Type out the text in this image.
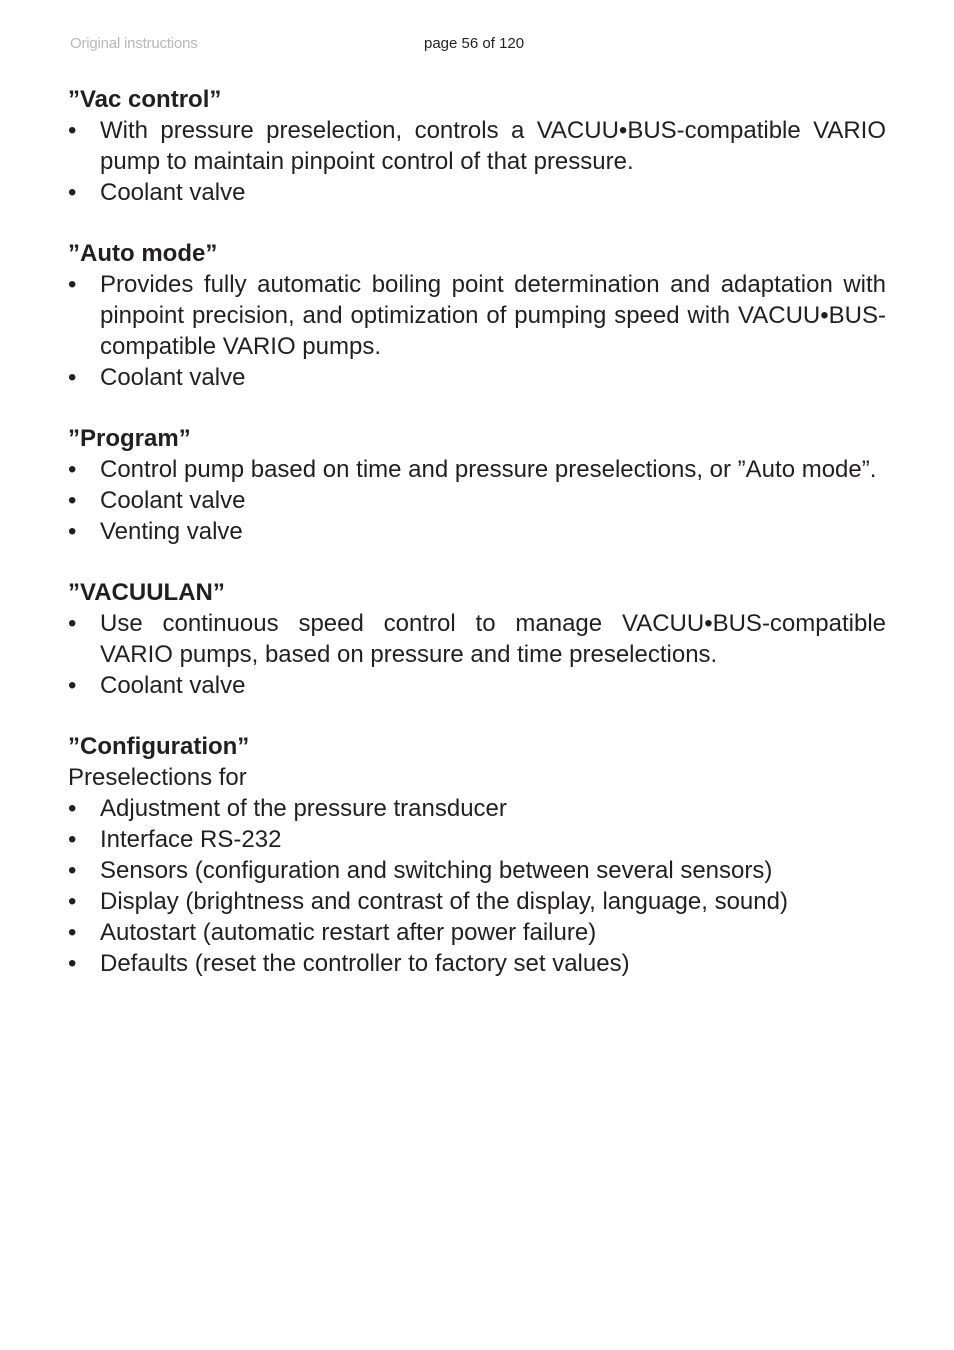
Original instructions	page 56 of 120

”Vac control”

• With pressure preselection, controls a VACUU•BUS-compatible VARIO pump to maintain pinpoint control of that pressure.
• Coolant valve

”Auto mode”

• Provides fully automatic boiling point determination and adaptation with pinpoint precision, and optimization of pumping speed with VACUU•BUS-compatible VARIO pumps.
• Coolant valve

”Program”

• Control pump based on time and pressure preselections, or ”Auto mode”.
• Coolant valve
• Venting valve

”VACUULAN”

• Use continuous speed control to manage VACUU•BUS-compatible VARIO pumps, based on pressure and time preselections.
• Coolant valve

”Configuration”

Preselections for

• Adjustment of the pressure transducer
• Interface RS-232
• Sensors (configuration and switching between several sensors)
• Display (brightness and contrast of the display, language, sound)
• Autostart (automatic restart after power failure)
• Defaults (reset the controller to factory set values)
